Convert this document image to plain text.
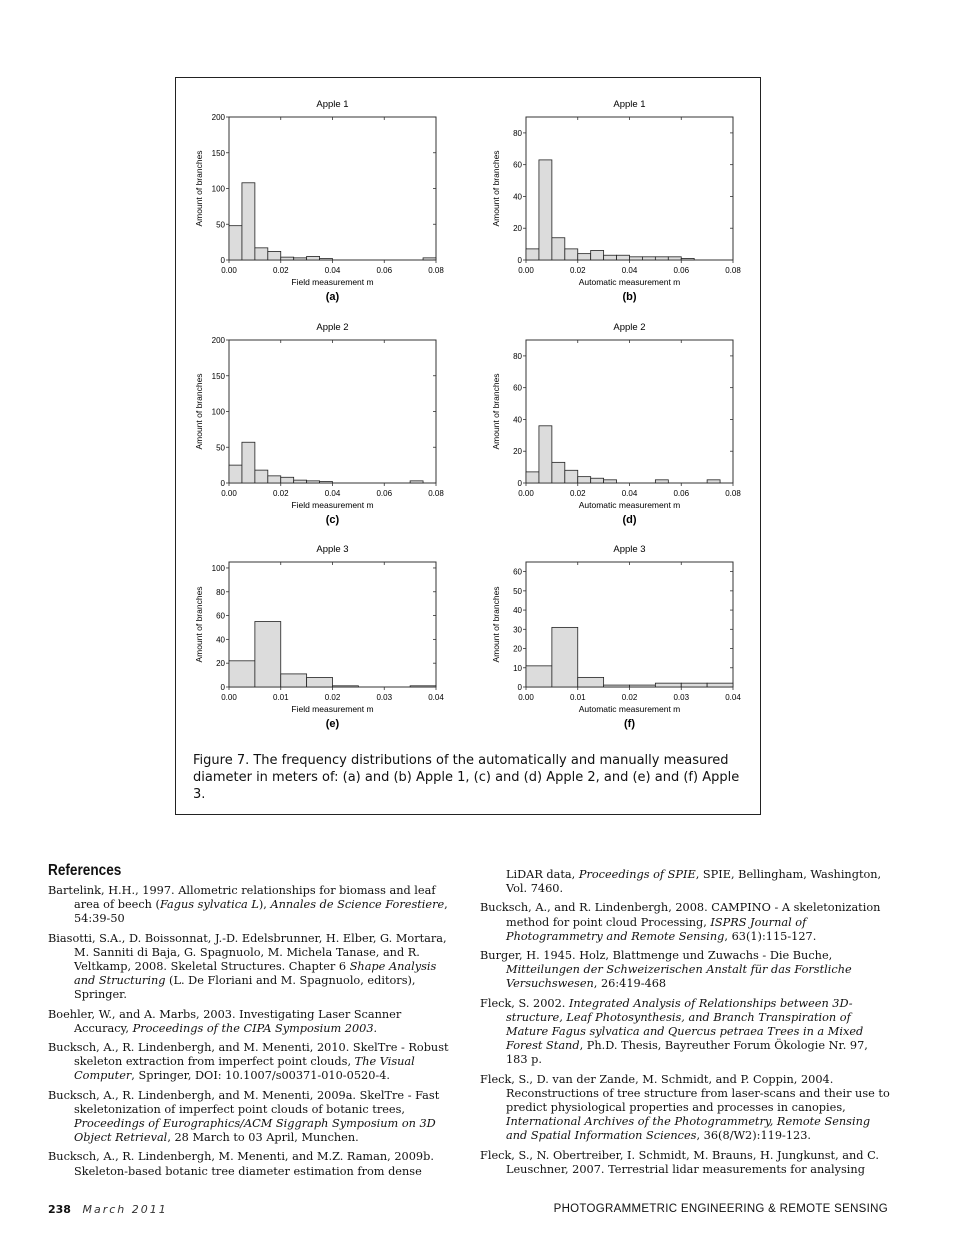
Apple 1
0
50
100
150
200
0.00	0.02	0.04	0.06	0.08
Field measurement m
Amount of branches
(a)
Apple 1
0
20
40
60
80
0.00	0.02	0.04	0.06	0.08
Automatic measurement m
Amount of branches
(b)
Apple 2
0
50
100
150
200
0.00	0.02	0.04	0.06	0.08
Field measurement m
Amount of branches
(c)
Apple 2
0
20
40
60
80
0.00	0.02	0.04	0.06	0.08
Automatic measurement m
Amount of branches
(d)
Apple 3
0
20
40
60
80
100
0.00	0.01	0.02	0.03	0.04
Field measurement m
Amount of branches
(e)
Apple 3
0
10
20
30
40
50
60
0.00	0.01	0.02	0.03	0.04
Automatic measurement m
Amount of branches
(f)
Figure 7. The frequency distributions of the automatically and manually measured diameter in meters of: (a) and (b) Apple 1, (c) and (d) Apple 2, and (e) and (f) Apple 3.
References

Bartelink, H.H., 1997. Allometric relationships for biomass and leaf area of beech (Fagus sylvatica L), Annales de Science Forestiere, 54:39-50

Biasotti, S.A., D. Boissonnat, J.-D. Edelsbrunner, H. Elber, G. Mortara, M. Sanniti di Baja, G. Spagnuolo, M. Michela Tanase, and R. Veltkamp, 2008. Skeletal Structures. Chapter 6 Shape Analysis and Structuring (L. De Floriani and M. Spagnuolo, editors), Springer.

Boehler, W., and A. Marbs, 2003. Investigating Laser Scanner Accuracy, Proceedings of the CIPA Symposium 2003.

Bucksch, A., R. Lindenbergh, and M. Menenti, 2010. SkelTre - Robust skeleton extraction from imperfect point clouds, The Visual Computer, Springer, DOI: 10.1007/s00371-010-0520-4.

Bucksch, A., R. Lindenbergh, and M. Menenti, 2009a. SkelTre - Fast skeletonization of imperfect point clouds of botanic trees, Proceedings of Eurographics/ACM Siggraph Symposium on 3D Object Retrieval, 28 March to 03 April, Munchen.

Bucksch, A., R. Lindenbergh, M. Menenti, and M.Z. Raman, 2009b. Skeleton-based botanic tree diameter estimation from dense

LiDAR data, Proceedings of SPIE, SPIE, Bellingham, Washington, Vol. 7460.

Bucksch, A., and R. Lindenbergh, 2008. CAMPINO - A skeletonization method for point cloud Processing, ISPRS Journal of Photogrammetry and Remote Sensing, 63(1):115-127.

Burger, H. 1945. Holz, Blattmenge und Zuwachs - Die Buche, Mitteilungen der Schweizerischen Anstalt für das Forstliche Versuchswesen, 26:419-468

Fleck, S. 2002. Integrated Analysis of Relationships between 3D-structure, Leaf Photosynthesis, and Branch Transpiration of Mature Fagus sylvatica and Quercus petraea Trees in a Mixed Forest Stand, Ph.D. Thesis, Bayreuther Forum Ökologie Nr. 97, 183 p.

Fleck, S., D. van der Zande, M. Schmidt, and P. Coppin, 2004. Reconstructions of tree structure from laser-scans and their use to predict physiological properties and processes in canopies, International Archives of the Photogrammetry, Remote Sensing and Spatial Information Sciences, 36(8/W2):119-123.

Fleck, S., N. Obertreiber, I. Schmidt, M. Brauns, H. Jungkunst, and C. Leuschner, 2007. Terrestrial lidar measurements for analysing

238 March 2011	PHOTOGRAMMETRIC ENGINEERING & REMOTE SENSING
